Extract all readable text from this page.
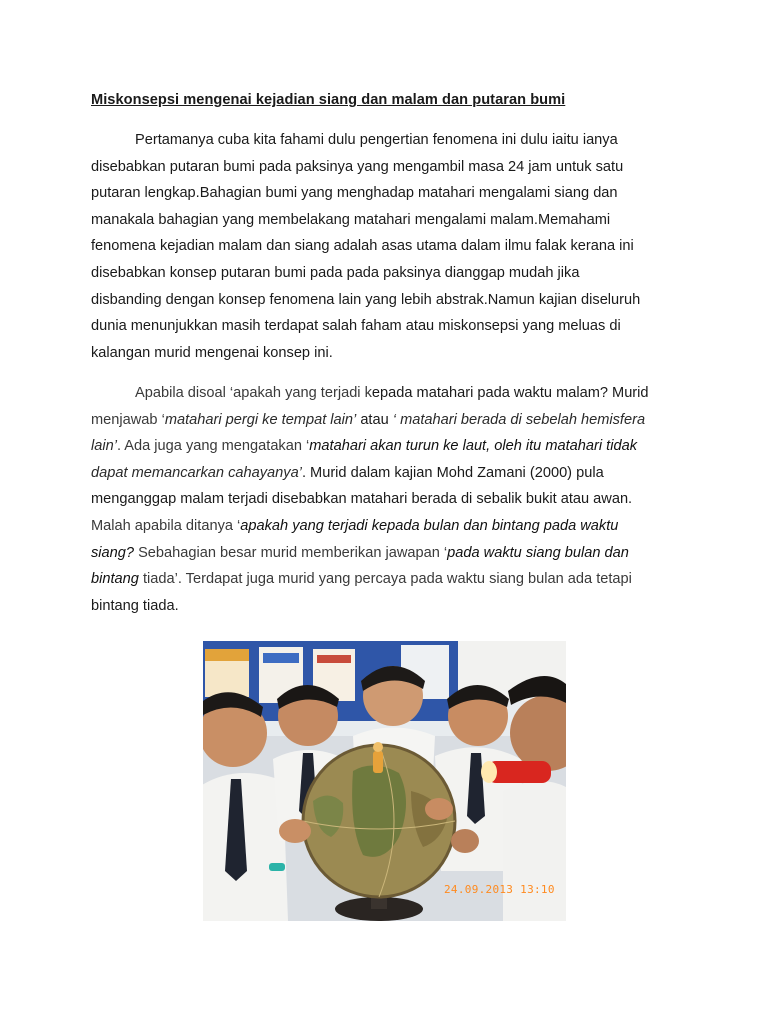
Miskonsepsi mengenai kejadian siang dan malam dan putaran bumi

Pertamanya cuba kita fahami dulu pengertian fenomena ini dulu iaitu ianya
disebabkan putaran bumi pada paksinya yang mengambil masa 24 jam untuk satu
putaran lengkap.Bahagian bumi yang menghadap matahari mengalami siang dan
manakala bahagian yang membelakang matahari mengalami malam.Memahami
fenomena kejadian malam dan siang adalah asas utama dalam ilmu falak kerana ini
disebabkan konsep putaran bumi pada pada paksinya dianggap mudah jika
disbanding dengan konsep fenomena lain yang lebih abstrak.Namun kajian diseluruh
dunia menunjukkan masih terdapat salah faham atau miskonsepsi yang meluas di
kalangan murid mengenai konsep ini.

Apabila disoal ‘apakah yang terjadi kepada matahari pada waktu malam? Murid
menjawab ‘matahari pergi ke tempat lain’ atau ‘ matahari berada di sebelah hemisfera
lain’. Ada juga yang mengatakan ‘matahari akan turun ke laut, oleh itu matahari tidak
dapat memancarkan cahayanya’. Murid dalam kajian Mohd Zamani (2000) pula
menganggap malam terjadi disebabkan matahari berada di sebalik bukit atau awan.
Malah apabila ditanya ‘apakah yang terjadi kepada bulan dan bintang pada waktu
siang? Sebahagian besar murid memberikan jawapan ‘pada waktu siang bulan dan
bintang tiada’. Terdapat juga murid yang percaya pada waktu siang bulan ada tetapi
bintang tiada.

24.09.2013 13:10
